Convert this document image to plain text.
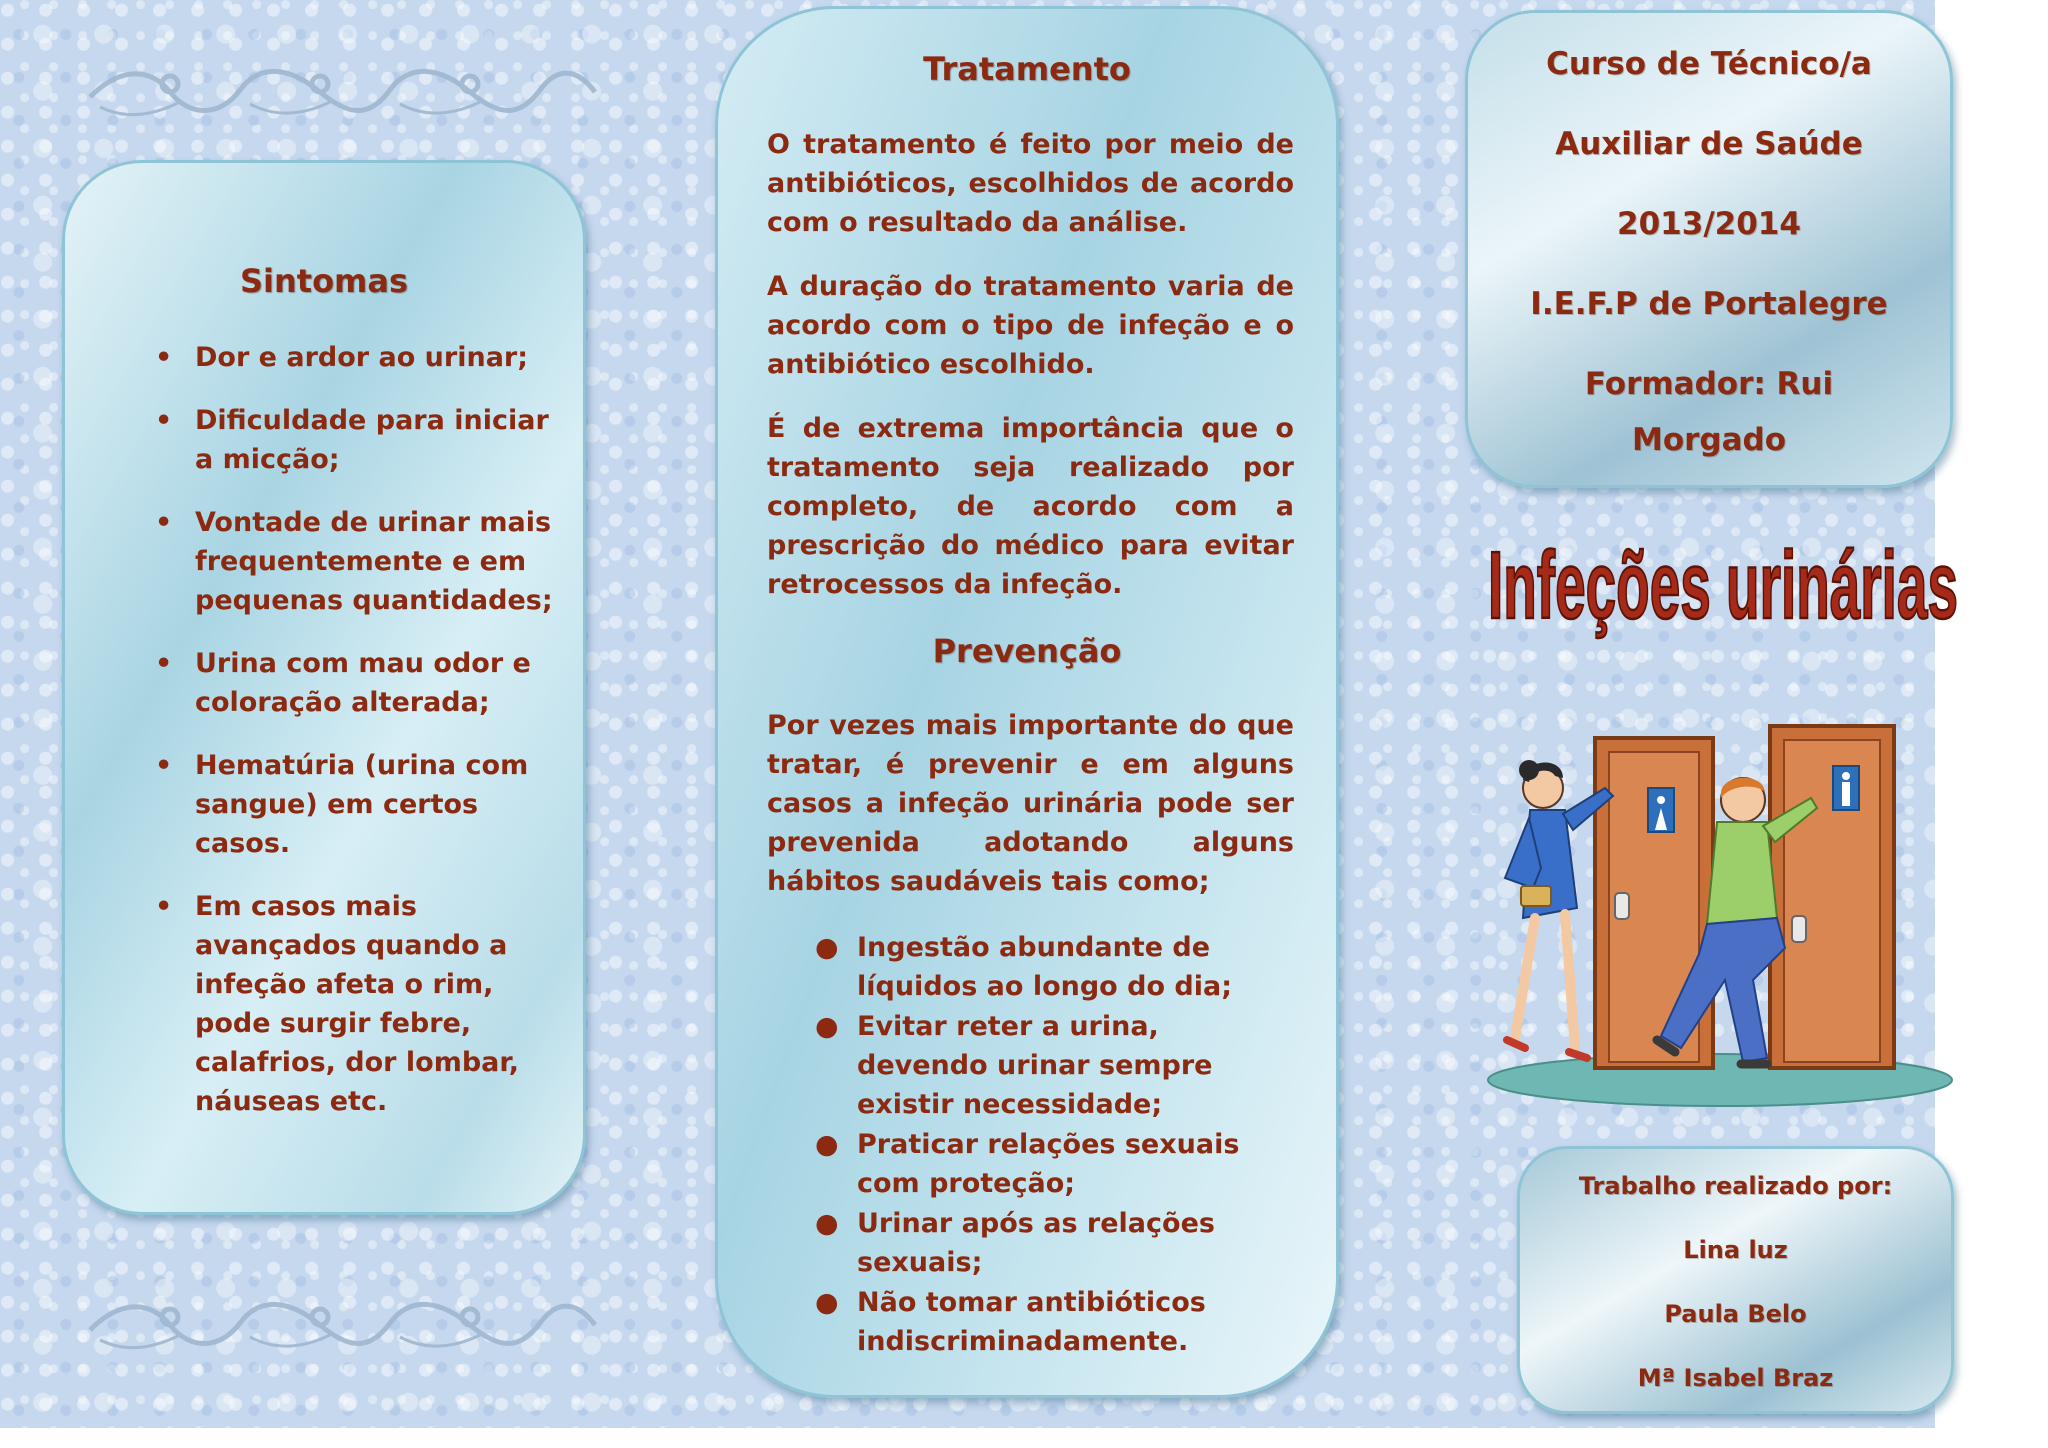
Sintomas
• Dor e ardor ao urinar;
• Dificuldade para iniciar a micção;
• Vontade de urinar mais frequentemente e em pequenas quantidades;
• Urina com mau odor e coloração alterada;
• Hematúria (urina com sangue) em certos casos.
• Em casos mais avançados quando a infeção afeta o rim, pode surgir febre, calafrios, dor lombar, náuseas etc.
Tratamento

O tratamento é feito por meio de antibióticos, escolhidos de acordo com o resultado da análise.

A duração do tratamento varia de acordo com o tipo de infeção e o antibiótico escolhido.

É de extrema importância que o tratamento seja realizado por completo, de acordo com a prescrição do médico para evitar retrocessos da infeção.

Prevenção

Por vezes mais importante do que tratar, é prevenir e em alguns casos a infeção urinária pode ser prevenida adotando alguns hábitos saudáveis tais como;

● Ingestão abundante de líquidos ao longo do dia;
● Evitar reter a urina, devendo urinar sempre existir necessidade;
● Praticar relações sexuais com proteção;
● Urinar após as relações sexuais;
● Não tomar antibióticos indiscriminadamente.
Curso de Técnico/a
Auxiliar de Saúde
2013/2014
I.E.F.P de Portalegre
Formador: Rui
Morgado
Infeções urinárias
Trabalho realizado por:
Lina luz
Paula Belo
Mª Isabel Braz
